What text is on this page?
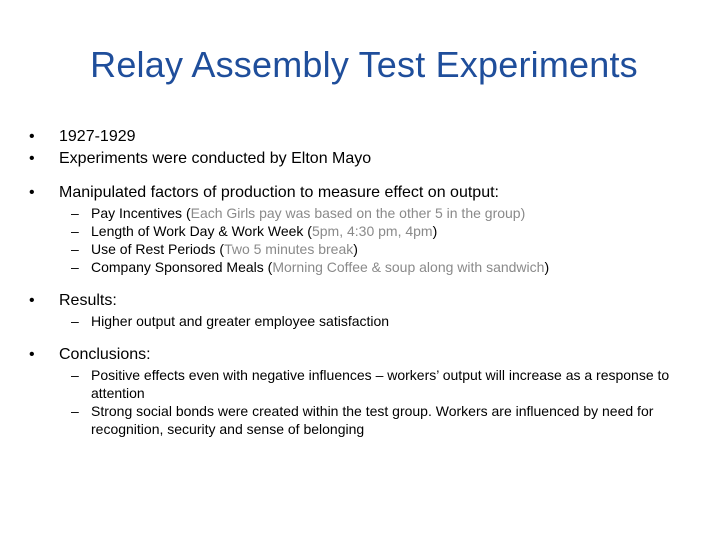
Relay Assembly Test Experiments

• 1927-1929

• Experiments were conducted by Elton Mayo

• Manipulated factors of production to measure effect on output:

– Pay Incentives (Each Girls pay was based on the other 5 in the group)

– Length of Work Day & Work Week (5pm, 4:30 pm, 4pm)

– Use of Rest Periods (Two 5 minutes break)

– Company Sponsored Meals (Morning Coffee & soup along with sandwich)

• Results:

– Higher output and greater employee satisfaction

• Conclusions:

– Positive effects even with negative influences – workers’ output will increase as a response to attention

– Strong social bonds were created within the test group. Workers are influenced by need for recognition, security and sense of belonging
